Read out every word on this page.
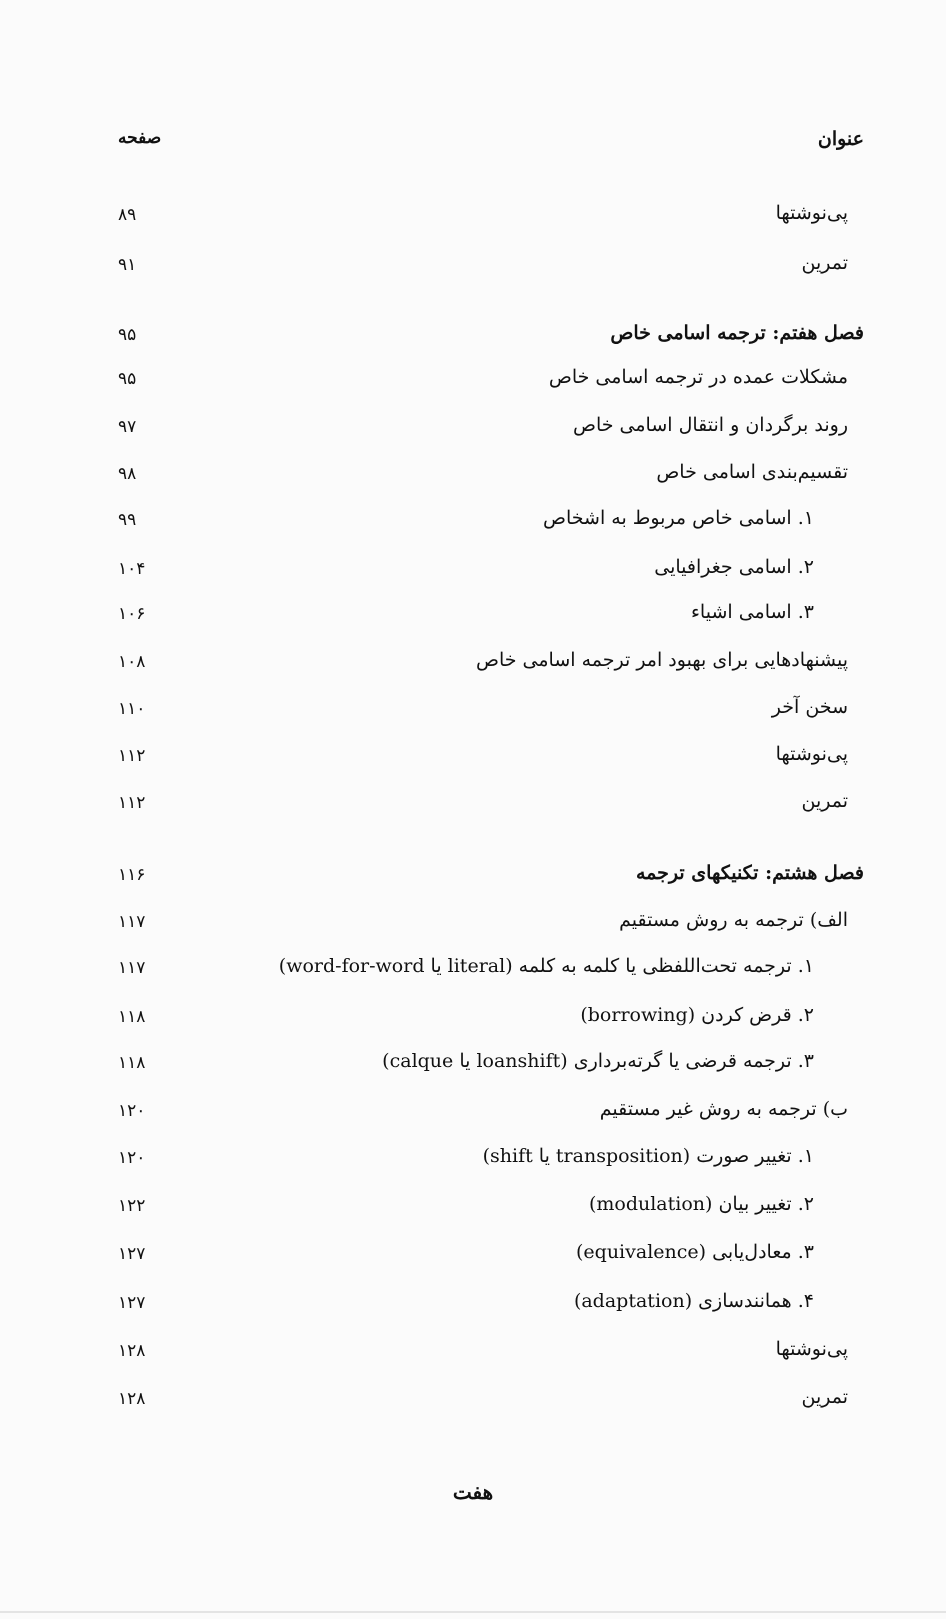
عنوان
صفحه
پی‌نوشتها
۸۹
تمرین
۹۱
فصل هفتم: ترجمه اسامی خاص
۹۵
مشکلات عمده در ترجمه اسامی خاص
۹۵
روند برگردان و انتقال اسامی خاص
۹۷
تقسیم‌بندی اسامی خاص
۹۸
۱. اسامی خاص مربوط به اشخاص
۹۹
۲. اسامی جغرافیایی
۱۰۴
۳. اسامی اشیاء
۱۰۶
پیشنهادهایی برای بهبود امر ترجمه اسامی خاص
۱۰۸
سخن آخر
۱۱۰
پی‌نوشتها
۱۱۲
تمرین
۱۱۲
فصل هشتم: تکنیکهای ترجمه
۱۱۶
الف) ترجمه به روش مستقیم
۱۱۷
۱. ترجمه تحت‌اللفظی یا کلمه به کلمه (literal یا word-for-word)
۱۱۷
۲. قرض کردن (borrowing)
۱۱۸
۳. ترجمه قرضی یا گرته‌برداری (loanshift یا calque)
۱۱۸
ب) ترجمه به روش غیر مستقیم
۱۲۰
۱. تغییر صورت (transposition یا shift)
۱۲۰
۲. تغییر بیان (modulation)
۱۲۲
۳. معادل‌یابی (equivalence)
۱۲۷
۴. همانندسازی (adaptation)
۱۲۷
پی‌نوشتها
۱۲۸
تمرین
۱۲۸
هفت
